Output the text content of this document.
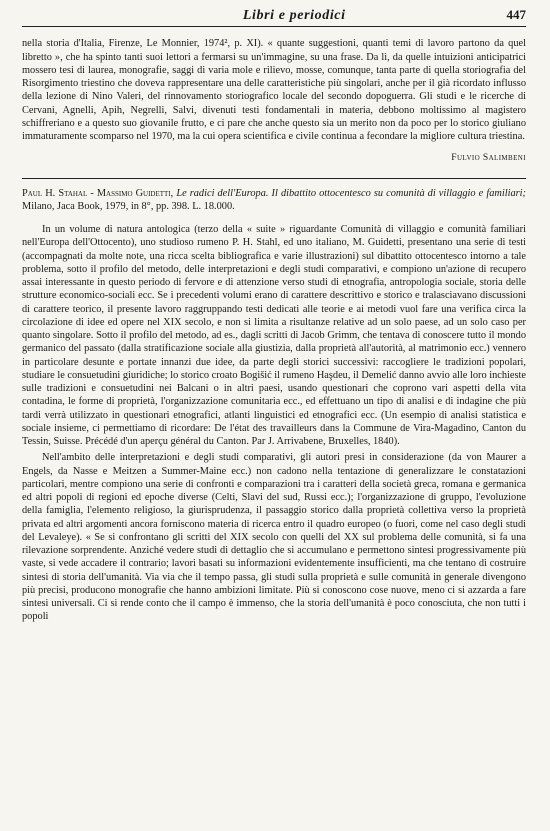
Libri e periodici	447

nella storia d'Italia, Firenze, Le Monnier, 1974², p. XI). « quante suggestioni, quanti temi di lavoro partono da quel libretto », che ha spinto tanti suoi lettori a fermarsi su un'immagine, su una frase. Da lì, da quelle intuizioni anticipatrici mossero tesi di laurea, monografie, saggi di varia mole e rilievo, mosse, comunque, tanta parte di quella storiografia del Risorgimento triestino che doveva rappresentare una delle caratteristiche più singolari, anche per il già ricordato influsso della lezione di Nino Valeri, del rinnovamento storiografico locale del secondo dopoguerra. Gli studi e le ricerche di Cervani, Agnelli, Apih, Negrelli, Salvi, divenuti testi fondamentali in materia, debbono moltissimo al magistero schiffreriano e a questo suo giovanile frutto, e ci pare che anche questo sia un merito non da poco per lo storico giuliano immaturamente scomparso nel 1970, ma la cui opera scientifica e civile continua a fecondare la migliore cultura triestina.

Fulvio Salimbeni
Paul H. Stahal - Massimo Guidetti, Le radici dell'Europa. Il dibattito ottocentesco su comunità di villaggio e familiari; Milano, Jaca Book, 1979, in 8°, pp. 398. L. 18.000.

In un volume di natura antologica (terzo della « suite » riguardante Comunità di villaggio e comunità familiari nell'Europa dell'Ottocento), uno studioso rumeno P. H. Stahl, ed uno italiano, M. Guidetti, presentano una serie di testi (accompagnati da molte note, una ricca scelta bibliografica e varie illustrazioni) sul dibattito ottocentesco intorno a tale problema, sotto il profilo del metodo, delle interpretazioni e degli studi comparativi, e compiono un'azione di recupero assai interessante in questo periodo di fervore e di attenzione verso studi di etnografia, antropologia sociale, storia delle strutture economico-sociali ecc. Se i precedenti volumi erano di carattere descrittivo e storico e tralasciavano discussioni di carattere teorico, il presente lavoro raggruppando testi dedicati alle teorie e ai metodi vuol fare una verifica circa la circolazione di idee ed opere nel XIX secolo, e non si limita a risultanze relative ad un solo paese, ad un solo caso per quanto singolare. Sotto il profilo del metodo, ad es., dagli scritti di Jacob Grimm, che tentava di conoscere tutto il mondo germanico del passato (dalla stratificazione sociale alla giustizia, dalla proprietà all'autorità, al matrimonio ecc.) vennero in particolare desunte e portate innanzi due idee, da parte degli storici successivi: raccogliere le tradizioni popolari, studiare le consuetudini giuridiche; lo storico croato Bogišić il rumeno Haşdeu, il Demelić danno avvio alle loro inchieste sulle tradizioni e consuetudini nei Balcani o in altri paesi, usando questionari che coprono vari aspetti della vita contadina, le forme di proprietà, l'organizzazione comunitaria ecc., ed effettuano un tipo di analisi e di indagine che più tardi verrà utilizzato in questionari etnografici, atlanti linguistici ed etnografici ecc. (Un esempio di analisi statistica e sociale insieme, ci permettiamo di ricordare: De l'état des travailleurs dans la Commune de Vira-Magadino, Canton du Tessin, Suisse. Précédé d'un aperçu général du Canton. Par J. Arrivabene, Bruxelles, 1840).

Nell'ambito delle interpretazioni e degli studi comparativi, gli autori presi in considerazione (da von Maurer a Engels, da Nasse e Meitzen a Summer-Maine ecc.) non cadono nella tentazione di generalizzare le constatazioni particolari, mentre compiono una serie di confronti e comparazioni tra i caratteri della società greca, romana e germanica ed altri popoli di regioni ed epoche diverse (Celti, Slavi del sud, Russi ecc.); l'organizzazione di gruppo, l'evoluzione della famiglia, l'elemento religioso, la giurisprudenza, il passaggio storico dalla proprietà collettiva verso la proprietà privata ed altri argomenti ancora forniscono materia di ricerca entro il quadro europeo (o fuori, come nel caso degli studi del Levaleye). « Se si confrontano gli scritti del XIX secolo con quelli del XX sul problema delle comunità, si fa una rilevazione sorprendente. Anziché vedere studi di dettaglio che si accumulano e permettono sintesi progressivamente più vaste, si vede accadere il contrario; lavori basati su informazioni evidentemente insufficienti, ma che tentano di costruire sintesi di storia dell'umanità. Via via che il tempo passa, gli studi sulla proprietà e sulle comunità in generale divengono più precisi, producono monografie che hanno ambizioni limitate. Più si conoscono cose nuove, meno ci si azzarda a fare sintesi universali. Ci si rende conto che il campo è immenso, che la storia dell'umanità è poco conosciuta, che non tutti i popoli
